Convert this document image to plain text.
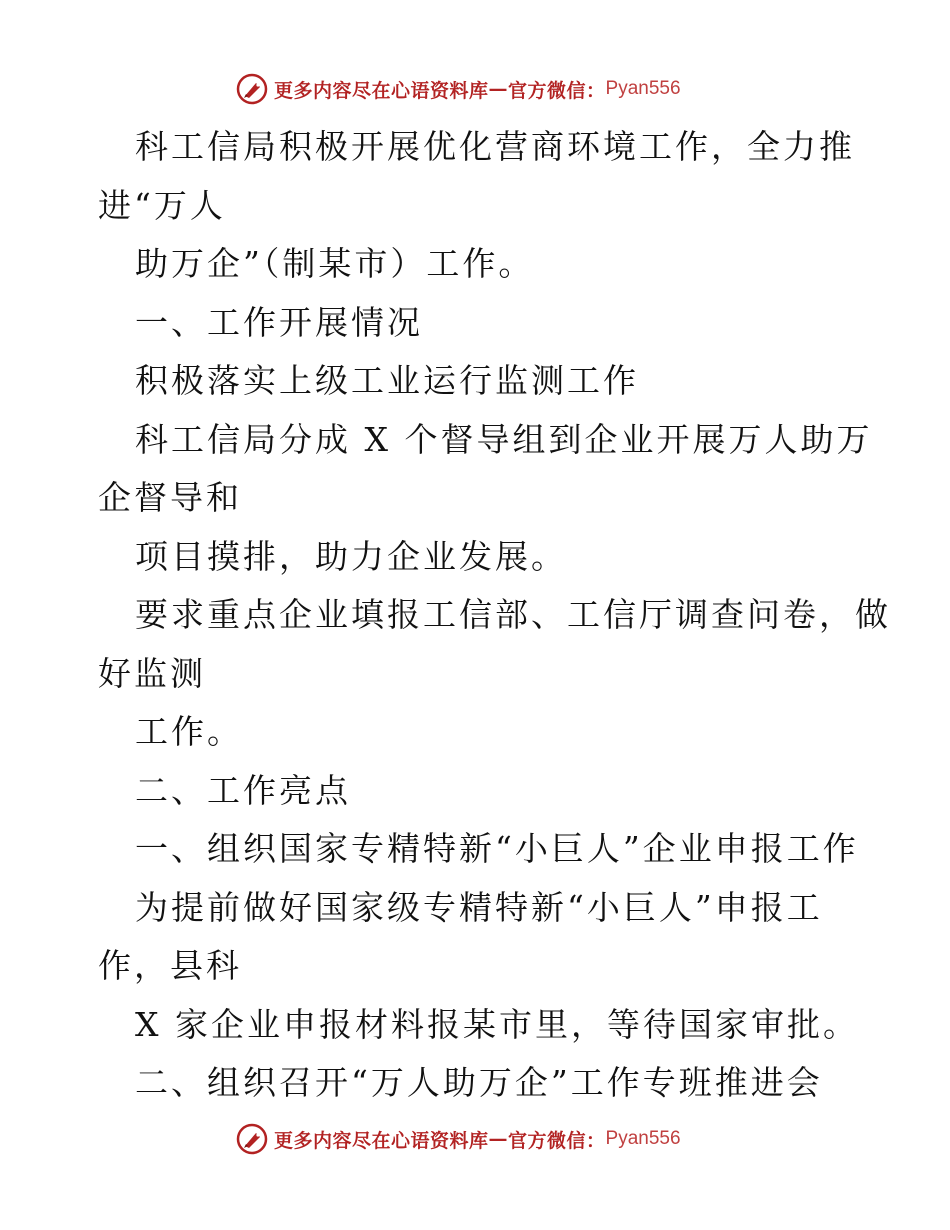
更多内容尽在心语资料库 — 官方微信： Pyan556
科工信局积极开展优化营商环境工作，全力推
进“万人
助万企”（制某市）工作。
一、工作开展情况
积极落实上级工业运行监测工作
科工信局分成 X 个督导组到企业开展万人助万
企督导和
项目摸排，助力企业发展。
要求重点企业填报工信部、工信厅调查问卷，做
好监测
工作。
二、工作亮点
一、组织国家专精特新“小巨人”企业申报工作
为提前做好国家级专精特新“小巨人”申报工
作，县科
X 家企业申报材料报某市里，等待国家审批。
二、组织召开“万人助万企”工作专班推进会
更多内容尽在心语资料库 — 官方微信： Pyan556
